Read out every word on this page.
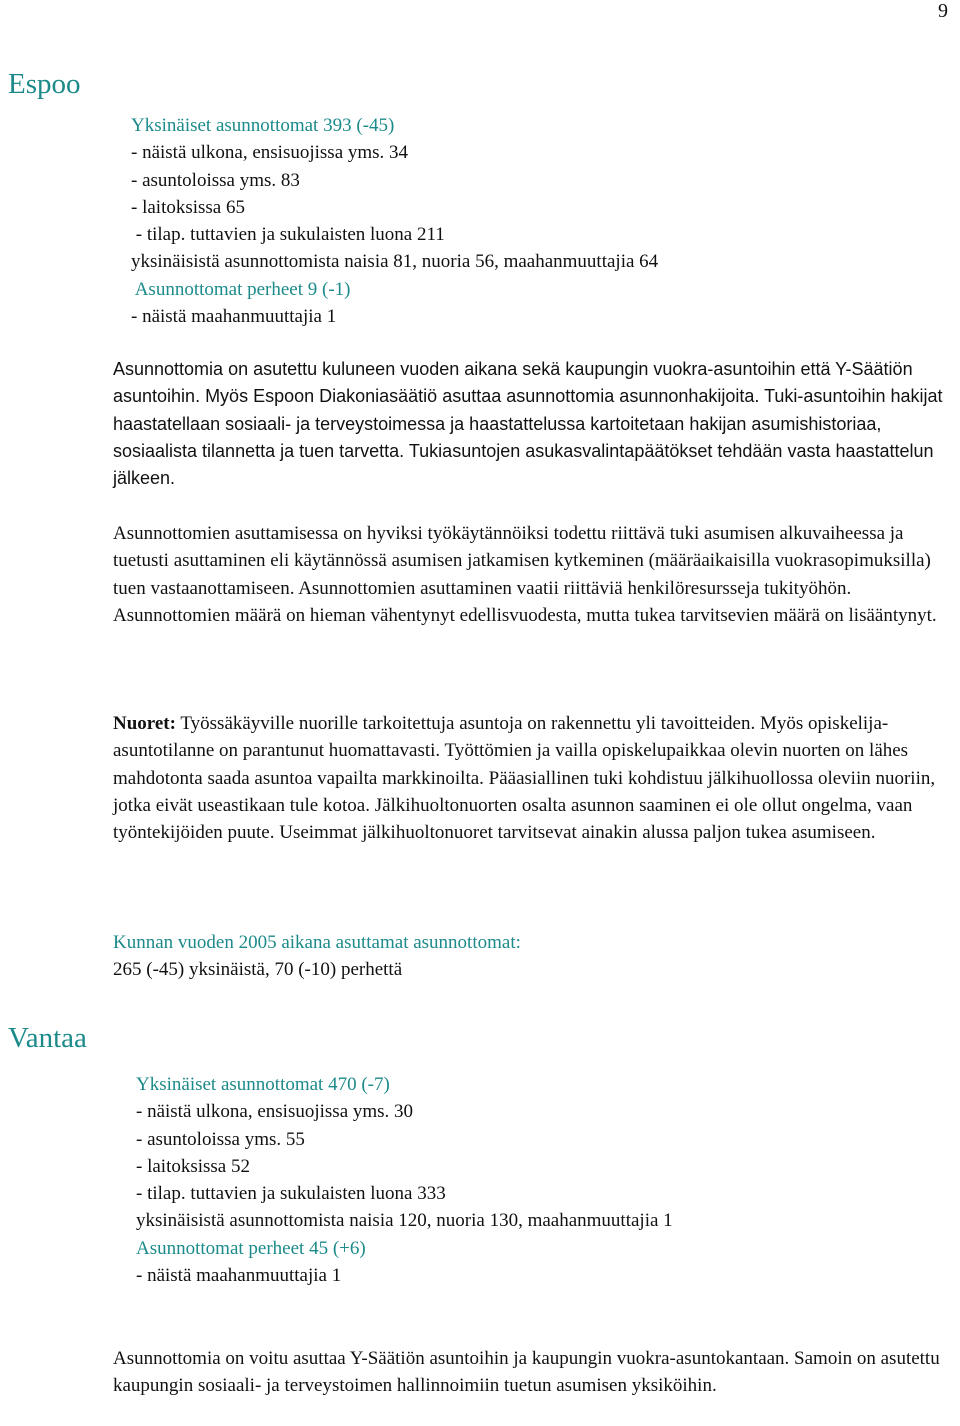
9
Espoo
Yksinäiset asunnottomat 393 (-45)
- näistä ulkona, ensisuojissa yms. 34
- asuntoloissa yms. 83
- laitoksissa 65
- tilap. tuttavien ja sukulaisten luona 211
yksinäisistä asunnottomista naisia 81, nuoria 56, maahanmuuttajia 64
Asunnottomat perheet 9 (-1)
- näistä maahanmuuttajia 1

Asunnottomia on asutettu kuluneen vuoden aikana sekä kaupungin vuokra-asuntoihin että Y-Säätiön asuntoihin. Myös Espoon Diakoniasäätiö asuttaa asunnottomia asunnonhakijoita. Tuki-asuntoihin hakijat haastatellaan sosiaali- ja terveystoimessa ja haastattelussa kartoitetaan hakijan asumishistoriaa, sosiaalista tilannetta ja tuen tarvetta. Tukiasuntojen asukasvalintapäätökset tehdään vasta haastattelun jälkeen.

Asunnottomien asuttamisessa on hyviksi työkäytännöiksi todettu riittävä tuki asumisen alkuvaiheessa ja tuetusti asuttaminen eli käytännössä asumisen jatkamisen kytkeminen (määräaikaisilla vuokrasopimuksilla) tuen vastaanottamiseen. Asunnottomien asuttaminen vaatii riittäviä henkilöresursseja tukityöhön.

Asunnottomien määrä on hieman vähentynyt edellisvuodesta, mutta tukea tarvitsevien määrä on lisääntynyt.

Nuoret: Työssäkäyville nuorille tarkoitettuja asuntoja on rakennettu yli tavoitteiden. Myös opiskelija-asuntotilanne on parantunut huomattavasti. Työttömien ja vailla opiskelupaikkaa olevin nuorten on lähes mahdotonta saada asuntoa vapailta markkinoilta. Pääasiallinen tuki kohdistuu jälkihuollossa oleviin nuoriin, jotka eivät useastikaan tule kotoa. Jälkihuoltonuorten osalta asunnon saaminen ei ole ollut ongelma, vaan työntekijöiden puute. Useimmat jälkihuoltonuoret tarvitsevat ainakin alussa paljon tukea asumiseen.

Kunnan vuoden 2005 aikana asuttamat asunnottomat:

265 (-45) yksinäistä, 70 (-10) perhettä

Vantaa
Yksinäiset asunnottomat 470 (-7)
- näistä ulkona, ensisuojissa yms. 30
- asuntoloissa yms. 55
- laitoksissa 52
- tilap. tuttavien ja sukulaisten luona 333
yksinäisistä asunnottomista naisia 120, nuoria 130, maahanmuuttajia 1
Asunnottomat perheet 45 (+6)
- näistä maahanmuuttajia 1

Asunnottomia on voitu asuttaa Y-Säätiön asuntoihin ja kaupungin vuokra-asuntokantaan. Samoin on asutettu kaupungin sosiaali- ja terveystoimen hallinnoimiin tuetun asumisen yksiköihin.
